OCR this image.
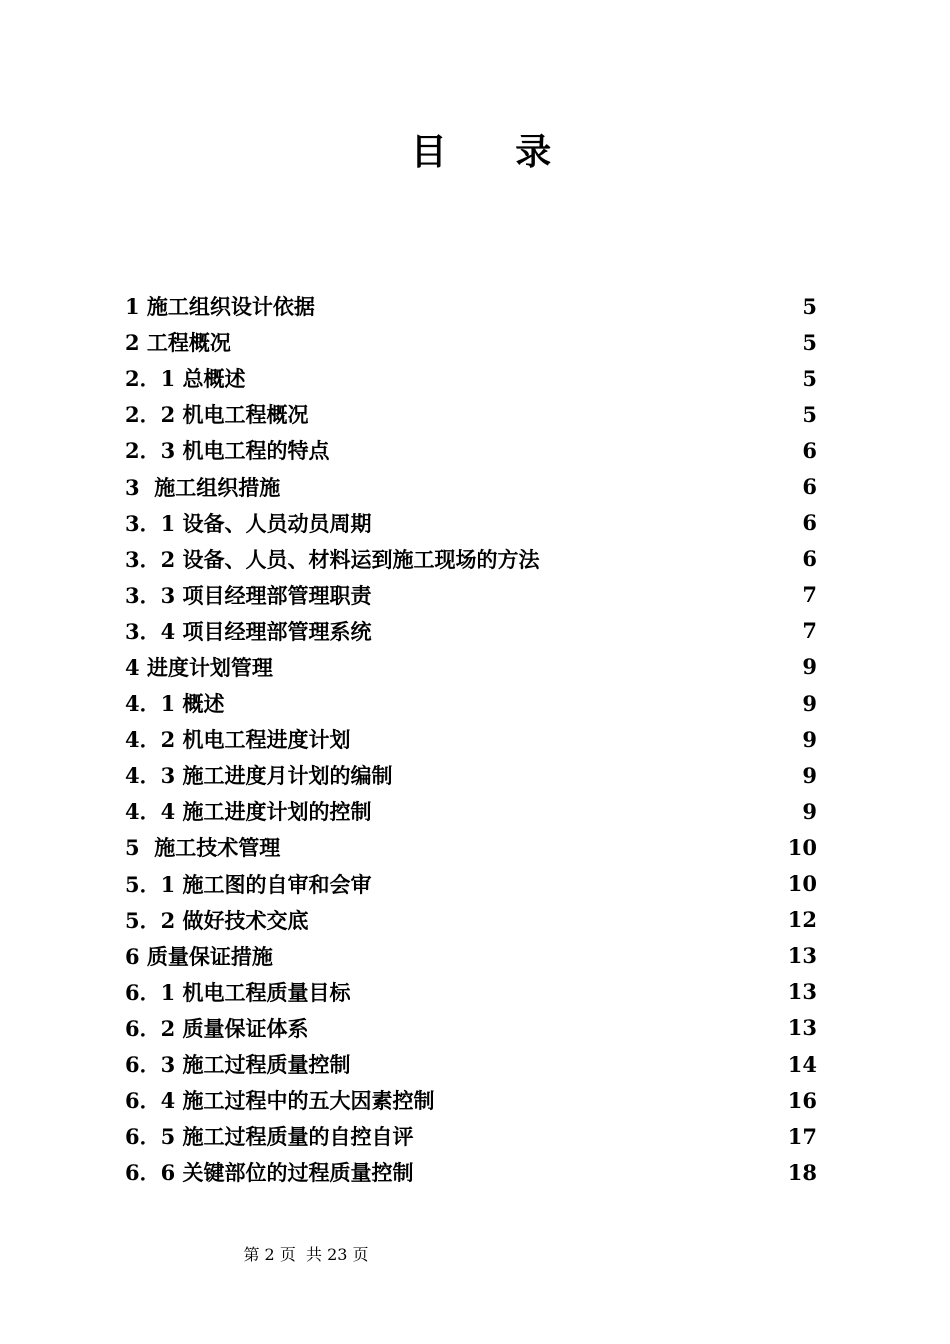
目 录
1 施工组织设计依据	5
2 工程概况	5
2．1 总概述	5
2．2 机电工程概况	5
2．3 机电工程的特点	6
3  施工组织措施	6
3．1 设备、人员动员周期	6
3．2 设备、人员、材料运到施工现场的方法	6
3．3 项目经理部管理职责	7
3．4 项目经理部管理系统	7
4 进度计划管理	9
4．1 概述	9
4．2 机电工程进度计划	9
4．3 施工进度月计划的编制	9
4．4 施工进度计划的控制	9
5  施工技术管理	10
5．1 施工图的自审和会审	10
5．2 做好技术交底	12
6 质量保证措施	13
6．1 机电工程质量目标	13
6．2 质量保证体系	13
6．3 施工过程质量控制	14
6．4 施工过程中的五大因素控制	16
6．5 施工过程质量的自控自评	17
6．6 关键部位的过程质量控制	18
第 2 页  共 23 页
